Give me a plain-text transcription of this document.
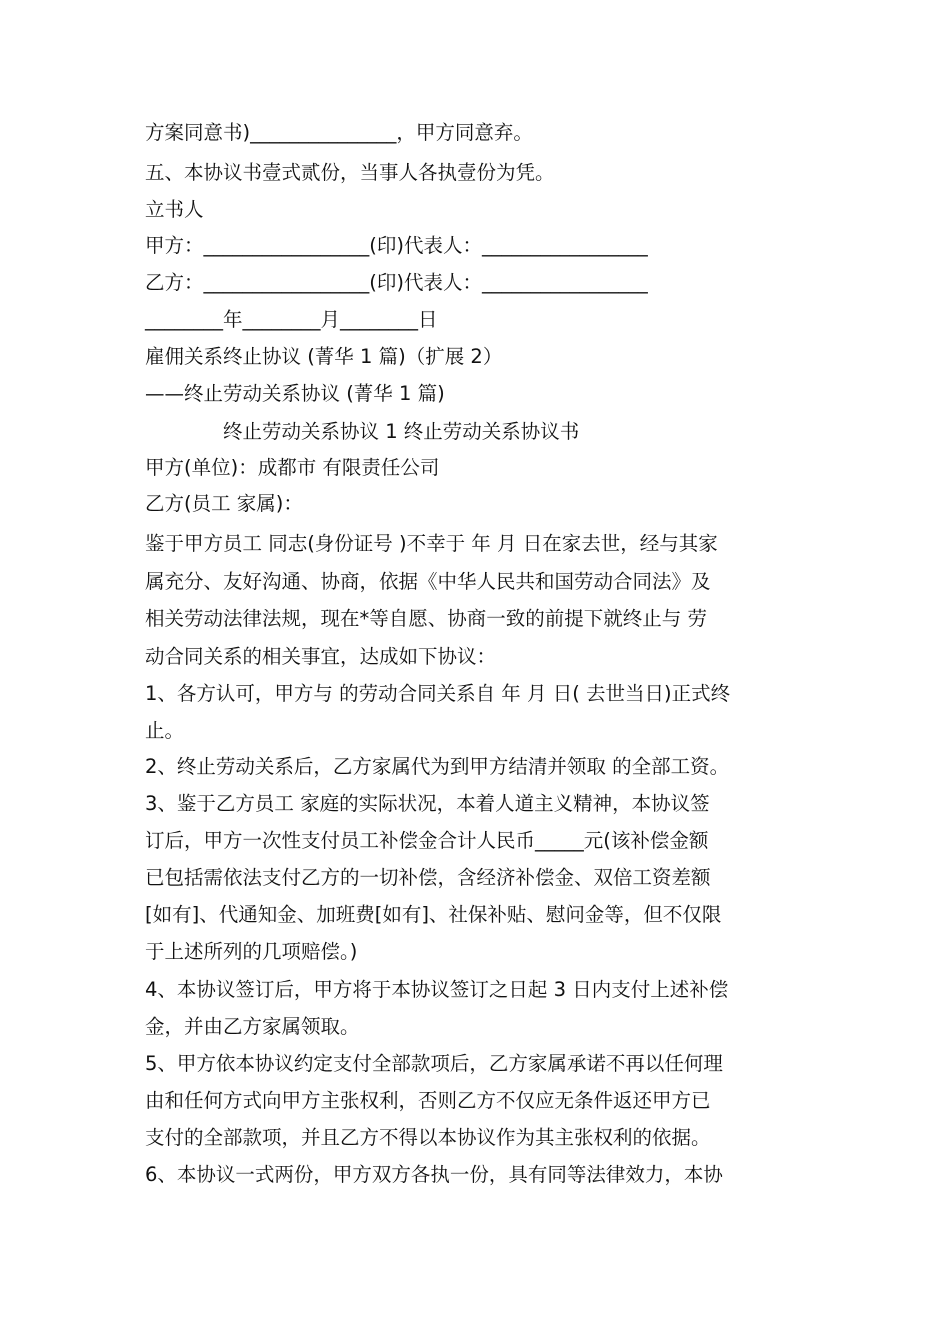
方案同意书)_______________，甲方同意弃。
五、本协议书壹式贰份，当事人各执壹份为凭。
立书人
甲方：_________________(印)代表人：_________________
乙方：_________________(印)代表人：_________________
________年________月________日
雇佣关系终止协议 (菁华 1 篇)（扩展 2）
——终止劳动关系协议 (菁华 1 篇)
终止劳动关系协议 1 终止劳动关系协议书
甲方(单位)：成都市 有限责任公司
乙方(员工 家属)：
鉴于甲方员工 同志(身份证号 )不幸于 年 月 日在家去世，经与其家
属充分、友好沟通、协商，依据《中华人民共和国劳动合同法》及
相关劳动法律法规，现在*等自愿、协商一致的前提下就终止与 劳
动合同关系的相关事宜，达成如下协议：
1、各方认可，甲方与 的劳动合同关系自 年 月 日( 去世当日)正式终
止。
2、终止劳动关系后，乙方家属代为到甲方结清并领取 的全部工资。
3、鉴于乙方员工 家庭的实际状况，本着人道主义精神，本协议签
订后，甲方一次性支付员工补偿金合计人民币_____元(该补偿金额
已包括需依法支付乙方的一切补偿，含经济补偿金、双倍工资差额
[如有]、代通知金、加班费[如有]、社保补贴、慰问金等，但不仅限
于上述所列的几项赔偿。)
4、本协议签订后，甲方将于本协议签订之日起 3 日内支付上述补偿
金，并由乙方家属领取。
5、甲方依本协议约定支付全部款项后，乙方家属承诺不再以任何理
由和任何方式向甲方主张权利，否则乙方不仅应无条件返还甲方已
支付的全部款项，并且乙方不得以本协议作为其主张权利的依据。
6、本协议一式两份，甲方双方各执一份，具有同等法律效力，本协
